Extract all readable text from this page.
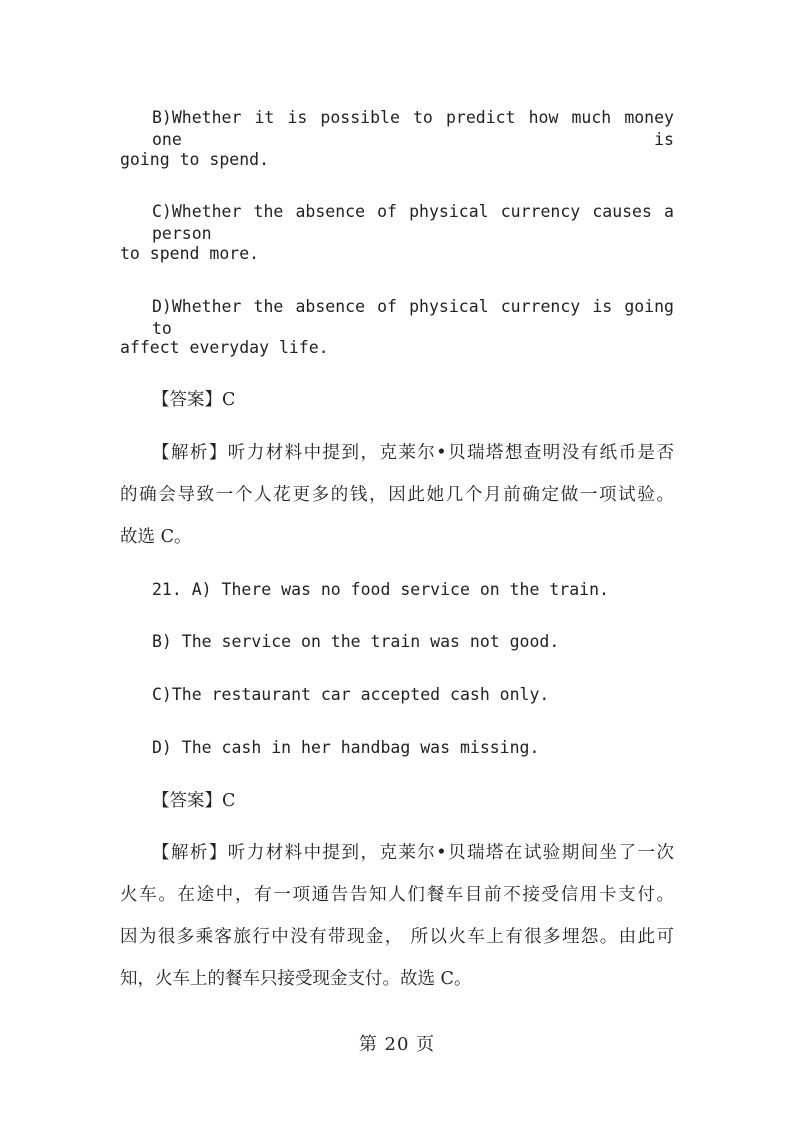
B)Whether it is possible to predict how much money one is
going to spend.
C)Whether the absence of physical currency causes a person
to spend more.
D)Whether the absence of physical currency is going to
affect everyday life.
【答案】C
【解析】听力材料中提到，克莱尔•贝瑞塔想查明没有纸币是否
的确会导致一个人花更多的钱，因此她几个月前确定做一项试验。
故选 C。
21. A) There was no food service on the train.
B) The service on the train was not good.
C)The restaurant car accepted cash only.
D) The cash in her handbag was missing.
【答案】C
【解析】听力材料中提到，克莱尔•贝瑞塔在试验期间坐了一次
火车。在途中，有一项通告告知人们餐车目前不接受信用卡支付。
因为很多乘客旅行中没有带现金， 所以火车上有很多埋怨。由此可
知，火车上的餐车只接受现金支付。故选 C。
第 20 页
